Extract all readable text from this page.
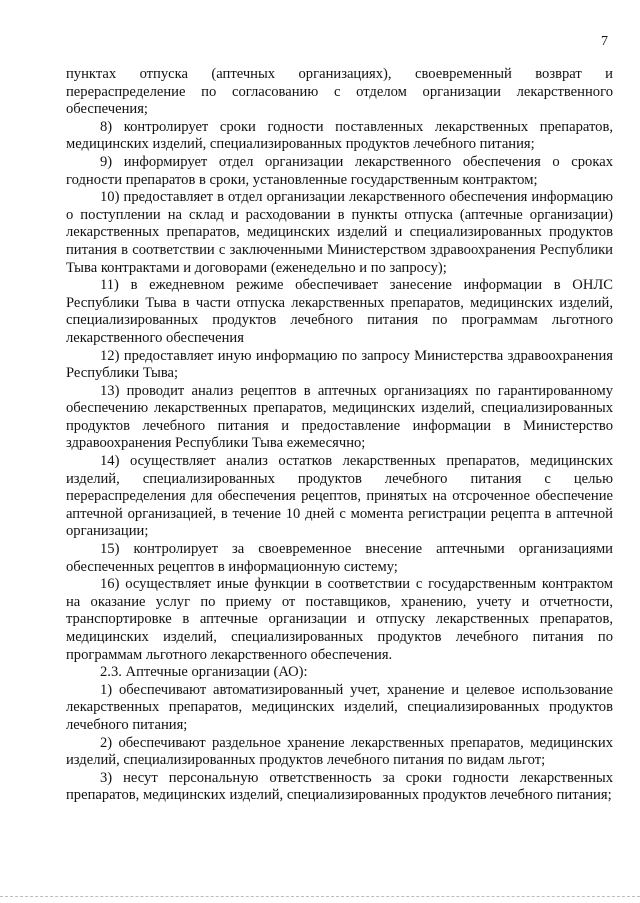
7

пунктах отпуска (аптечных организациях), своевременный возврат и перераспределение по согласованию с отделом организации лекарственного обеспечения;

8) контролирует сроки годности поставленных лекарственных препаратов, медицинских изделий, специализированных продуктов лечебного питания;

9) информирует отдел организации лекарственного обеспечения о сроках годности препаратов в сроки, установленные государственным контрактом;

10) предоставляет в отдел организации лекарственного обеспечения информацию о поступлении на склад и расходовании в пункты отпуска (аптечные организации) лекарственных препаратов, медицинских изделий и специализированных продуктов питания в соответствии с заключенными Министерством здравоохранения Республики Тыва контрактами и договорами (еженедельно и по запросу);

11) в ежедневном режиме обеспечивает занесение информации в ОНЛС Республики Тыва в части отпуска лекарственных препаратов, медицинских изделий, специализированных продуктов лечебного питания по программам льготного лекарственного обеспечения

12) предоставляет иную информацию по запросу Министерства здравоохранения Республики Тыва;

13) проводит анализ рецептов в аптечных организациях по гарантированному обеспечению лекарственных препаратов, медицинских изделий, специализированных продуктов лечебного питания и предоставление информации в Министерство здравоохранения Республики Тыва ежемесячно;

14) осуществляет анализ остатков лекарственных препаратов, медицинских изделий, специализированных продуктов лечебного питания с целью перераспределения для обеспечения рецептов, принятых на отсроченное обеспечение аптечной организацией, в течение 10 дней с момента регистрации рецепта в аптечной организации;

15) контролирует за своевременное внесение аптечными организациями обеспеченных рецептов в информационную систему;

16) осуществляет иные функции в соответствии с государственным контрактом на оказание услуг по приему от поставщиков, хранению, учету и отчетности, транспортировке в аптечные организации и отпуску лекарственных препаратов, медицинских изделий, специализированных продуктов лечебного питания по программам льготного лекарственного обеспечения.

2.3. Аптечные организации (АО):

1) обеспечивают автоматизированный учет, хранение и целевое использование лекарственных препаратов, медицинских изделий, специализированных продуктов лечебного питания;

2) обеспечивают раздельное хранение лекарственных препаратов, медицинских изделий, специализированных продуктов лечебного питания по видам льгот;

3) несут персональную ответственность за сроки годности лекарственных препаратов, медицинских изделий, специализированных продуктов лечебного питания;
